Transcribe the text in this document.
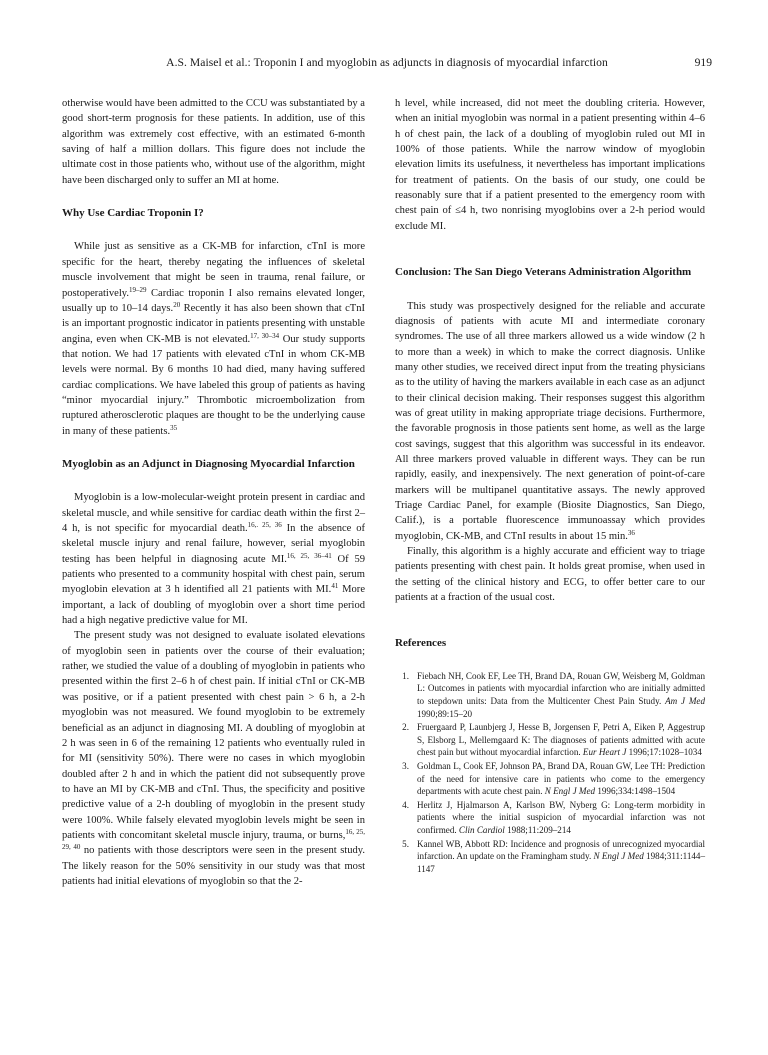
A.S. Maisel et al.: Troponin I and myoglobin as adjuncts in diagnosis of myocardial infarction	919

otherwise would have been admitted to the CCU was substantiated by a good short-term prognosis for these patients. In addition, use of this algorithm was extremely cost effective, with an estimated 6-month saving of half a million dollars. This figure does not include the ultimate cost in those patients who, without use of the algorithm, might have been discharged only to suffer an MI at home.

Why Use Cardiac Troponin I?

While just as sensitive as a CK-MB for infarction, cTnI is more specific for the heart, thereby negating the influences of skeletal muscle involvement that might be seen in trauma, renal failure, or postoperatively.$^{19-29}$ Cardiac troponin I also remains elevated longer, usually up to 10–14 days.$^{20}$ Recently it has also been shown that cTnI is an important prognostic indicator in patients presenting with unstable angina, even when CK-MB is not elevated.$^{17, 30-34}$ Our study supports that notion. We had 17 patients with elevated cTnI in whom CK-MB levels were normal. By 6 months 10 had died, many having suffered cardiac complications. We have labeled this group of patients as having “minor myocardial injury.” Thrombotic microembolization from ruptured atherosclerotic plaques are thought to be the underlying cause in many of these patients.$^{35}$

Myoglobin as an Adjunct in Diagnosing Myocardial Infarction

Myoglobin is a low-molecular-weight protein present in cardiac and skeletal muscle, and while sensitive for cardiac death within the first 2–4 h, is not specific for myocardial death.$^{16,. 25, 36}$ In the absence of skeletal muscle injury and renal failure, however, serial myoglobin testing has been helpful in diagnosing acute MI.$^{16, 25, 36-41}$ Of 59 patients who presented to a community hospital with chest pain, serum myoglobin elevation at 3 h identified all 21 patients with MI.$^{41}$ More important, a lack of doubling of myoglobin over a short time period had a high negative predictive value for MI.

The present study was not designed to evaluate isolated elevations of myoglobin seen in patients over the course of their evaluation; rather, we studied the value of a doubling of myoglobin in patients who presented within the first 2–6 h of chest pain. If initial cTnI or CK-MB was positive, or if a patient presented with chest pain > 6 h, a 2-h myoglobin was not measured. We found myoglobin to be extremely beneficial as an adjunct in diagnosing MI. A doubling of myoglobin at 2 h was seen in 6 of the remaining 12 patients who eventually ruled in for MI (sensitivity 50%). There were no cases in which myoglobin doubled after 2 h and in which the patient did not subsequently prove to have an MI by CK-MB and cTnI. Thus, the specificity and positive predictive value of a 2-h doubling of myoglobin in the present study were 100%. While falsely elevated myoglobin levels might be seen in patients with concomitant skeletal muscle injury, trauma, or burns,$^{16, 25, 29, 40}$ no patients with those descriptors were seen in the present study. The likely reason for the 50% sensitivity in our study was that most patients had initial elevations of myoglobin so that the 2-

h level, while increased, did not meet the doubling criteria. However, when an initial myoglobin was normal in a patient presenting within 4–6 h of chest pain, the lack of a doubling of myoglobin ruled out MI in 100% of those patients. While the narrow window of myoglobin elevation limits its usefulness, it nevertheless has important implications for treatment of patients. On the basis of our study, one could be reasonably sure that if a patient presented to the emergency room with chest pain of ≤4 h, two nonrising myoglobins over a 2-h period would exclude MI.

Conclusion: The San Diego Veterans Administration Algorithm

This study was prospectively designed for the reliable and accurate diagnosis of patients with acute MI and intermediate coronary syndromes. The use of all three markers allowed us a wide window (2 h to more than a week) in which to make the correct diagnosis. Unlike many other studies, we received direct input from the treating physicians as to the utility of having the markers available in each case as an adjunct to their clinical decision making. Their responses suggest this algorithm was of great utility in making appropriate triage decisions. Furthermore, the favorable prognosis in those patients sent home, as well as the large cost savings, suggest that this algorithm was successful in its endeavor. All three markers proved valuable in different ways. They can be run rapidly, easily, and inexpensively. The next generation of point-of-care markers will be multipanel quantitative assays. The newly approved Triage Cardiac Panel, for example (Biosite Diagnostics, San Diego, Calif.), is a portable fluorescence immunoassay which provides myoglobin, CK-MB, and CTnI results in about 15 min.$^{36}$

Finally, this algorithm is a highly accurate and efficient way to triage patients presenting with chest pain. It holds great promise, when used in the setting of the clinical history and ECG, to offer better care to our patients at a fraction of the usual cost.

References
1. Fiebach NH, Cook EF, Lee TH, Brand DA, Rouan GW, Weisberg M, Goldman L: Outcomes in patients with myocardial infarction who are initially admitted to stepdown units: Data from the Multicenter Chest Pain Study. Am J Med 1990;89:15–20
2. Fruergaard P, Launbjerg J, Hesse B, Jorgensen F, Petri A, Eiken P, Aggestrup S, Elsborg L, Mellemgaard K: The diagnoses of patients admitted with acute chest pain but without myocardial infarction. Eur Heart J 1996;17:1028–1034
3. Goldman L, Cook EF, Johnson PA, Brand DA, Rouan GW, Lee TH: Prediction of the need for intensive care in patients who come to the emergency departments with acute chest pain. N Engl J Med 1996;334:1498–1504
4. Herlitz J, Hjalmarson A, Karlson BW, Nyberg G: Long-term morbidity in patients where the initial suspicion of myocardial infarction was not confirmed. Clin Cardiol 1988;11:209–214
5. Kannel WB, Abbott RD: Incidence and prognosis of unrecognized myocardial infarction. An update on the Framingham study. N Engl J Med 1984;311:1144–1147
